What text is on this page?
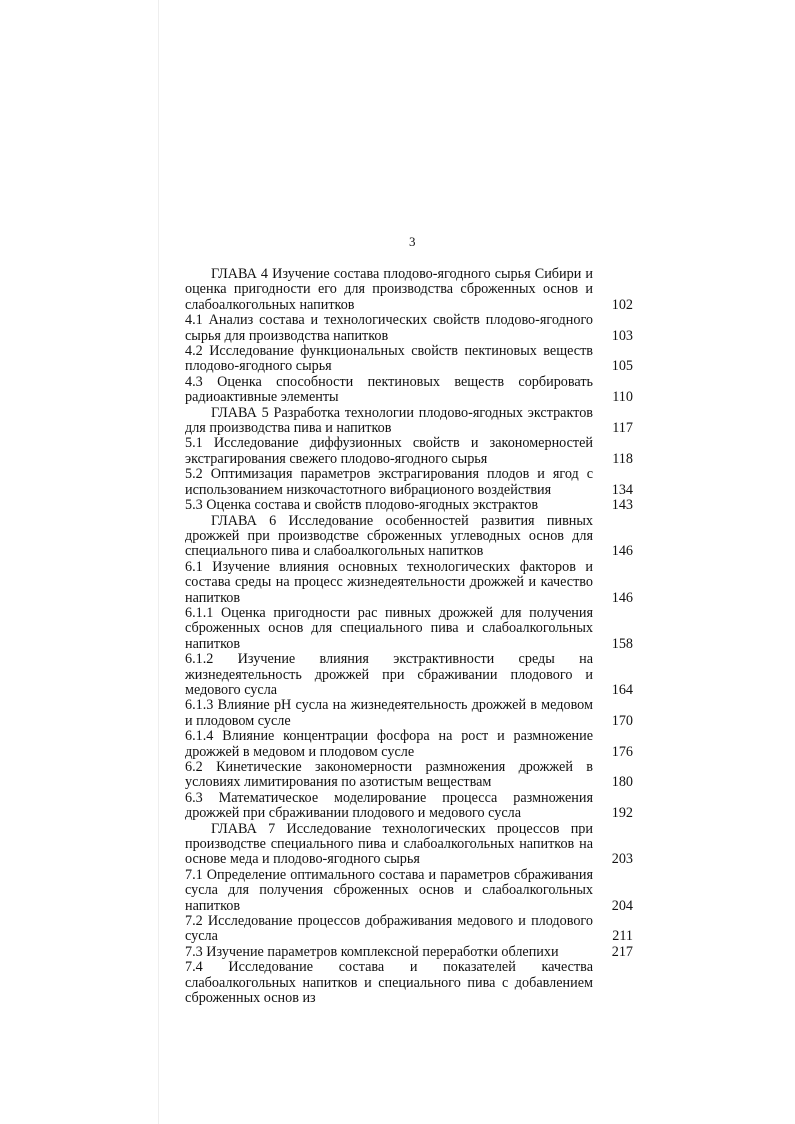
3
ГЛАВА 4 Изучение состава плодово-ягодного сырья Сибири и оценка пригодности его для производства сброженных основ и слабоалкогольных напитков	102
4.1 Анализ состава и технологических свойств плодово-ягодного сырья для производства напитков	103
4.2 Исследование функциональных свойств пектиновых веществ плодово-ягодного сырья	105
4.3 Оценка способности пектиновых веществ сорбировать радиоактивные элементы	110
ГЛАВА 5 Разработка технологии плодово-ягодных экстрактов для производства пива и напитков	117
5.1 Исследование диффузионных свойств и закономерностей экстрагирования свежего плодово-ягодного сырья	118
5.2 Оптимизация параметров экстрагирования плодов и ягод с использованием низкочастотного вибрационого воздействия	134
5.3 Оценка состава и свойств плодово-ягодных экстрактов	143
ГЛАВА 6 Исследование особенностей развития пивных дрожжей при производстве сброженных углеводных основ для специального пива и слабоалкогольных напитков	146
6.1 Изучение влияния основных технологических факторов и состава среды на процесс жизнедеятельности дрожжей и качество напитков	146
6.1.1 Оценка пригодности рас пивных дрожжей для получения сброженных основ для специального пива и слабоалкогольных напитков	158
6.1.2 Изучение влияния экстрактивности среды на жизнедеятельность дрожжей при сбраживании плодового и медового сусла	164
6.1.3 Влияние pH сусла на жизнедеятельность дрожжей в медовом и плодовом сусле	170
6.1.4 Влияние концентрации фосфора на рост и размножение дрожжей в медовом и плодовом сусле	176
6.2 Кинетические закономерности размножения дрожжей в условиях лимитирования по азотистым веществам	180
6.3 Математическое моделирование процесса размножения дрожжей при сбраживании плодового и медового сусла	192
ГЛАВА 7 Исследование технологических процессов при производстве специального пива и слабоалкогольных напитков на основе меда и плодово-ягодного сырья	203
7.1 Определение оптимального состава и параметров сбраживания сусла для получения сброженных основ и слабоалкогольных напитков	204
7.2 Исследование процессов дображивания медового и плодового сусла	211
7.3 Изучение параметров комплексной переработки облепихи	217
7.4 Исследование состава и показателей качества слабоалкогольных напитков и специального пива с добавлением сброженных основ из
